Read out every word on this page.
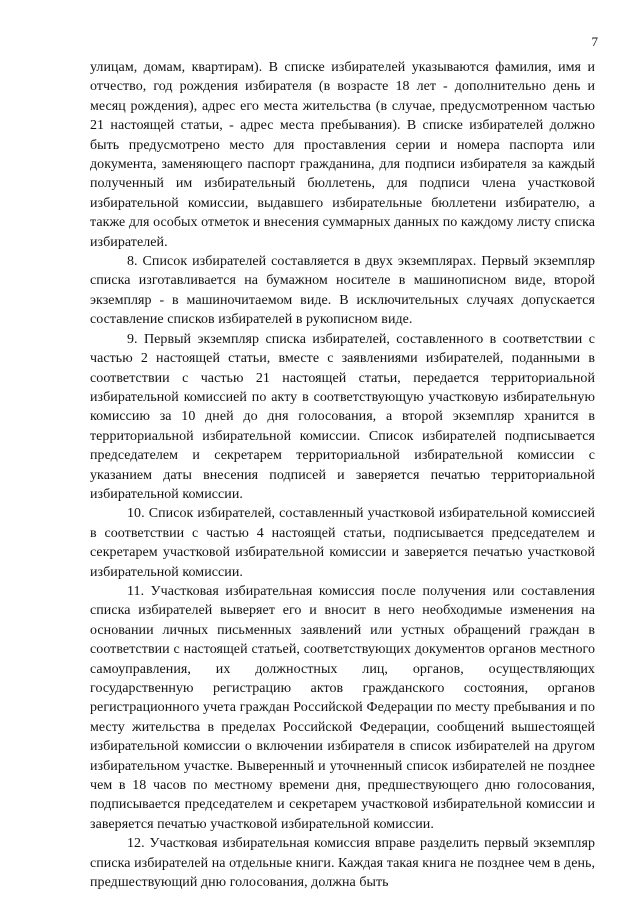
7

улицам, домам, квартирам). В списке избирателей указываются фамилия, имя и отчество, год рождения избирателя (в возрасте 18 лет - дополнительно день и месяц рождения), адрес его места жительства (в случае, предусмотренном частью 21 настоящей статьи, - адрес места пребывания). В списке избирателей должно быть предусмотрено место для проставления серии и номера паспорта или документа, заменяющего паспорт гражданина, для подписи избирателя за каждый полученный им избирательный бюллетень, для подписи члена участковой избирательной комиссии, выдавшего избирательные бюллетени избирателю, а также для особых отметок и внесения суммарных данных по каждому листу списка избирателей.

8. Список избирателей составляется в двух экземплярах. Первый экземпляр списка изготавливается на бумажном носителе в машинописном виде, второй экземпляр - в машиночитаемом виде. В исключительных случаях допускается составление списков избирателей в рукописном виде.

9. Первый экземпляр списка избирателей, составленного в соответствии с частью 2 настоящей статьи, вместе с заявлениями избирателей, поданными в соответствии с частью 21 настоящей статьи, передается территориальной избирательной комиссией по акту в соответствующую участковую избирательную комиссию за 10 дней до дня голосования, а второй экземпляр хранится в территориальной избирательной комиссии. Список избирателей подписывается председателем и секретарем территориальной избирательной комиссии с указанием даты внесения подписей и заверяется печатью территориальной избирательной комиссии.

10. Список избирателей, составленный участковой избирательной комиссией в соответствии с частью 4 настоящей статьи, подписывается председателем и секретарем участковой избирательной комиссии и заверяется печатью участковой избирательной комиссии.

11. Участковая избирательная комиссия после получения или составления списка избирателей выверяет его и вносит в него необходимые изменения на основании личных письменных заявлений или устных обращений граждан в соответствии с настоящей статьей, соответствующих документов органов местного самоуправления, их должностных лиц, органов, осуществляющих государственную регистрацию актов гражданского состояния, органов регистрационного учета граждан Российской Федерации по месту пребывания и по месту жительства в пределах Российской Федерации, сообщений вышестоящей избирательной комиссии о включении избирателя в список избирателей на другом избирательном участке. Выверенный и уточненный список избирателей не позднее чем в 18 часов по местному времени дня, предшествующего дню голосования, подписывается председателем и секретарем участковой избирательной комиссии и заверяется печатью участковой избирательной комиссии.

12. Участковая избирательная комиссия вправе разделить первый экземпляр списка избирателей на отдельные книги. Каждая такая книга не позднее чем в день, предшествующий дню голосования, должна быть
